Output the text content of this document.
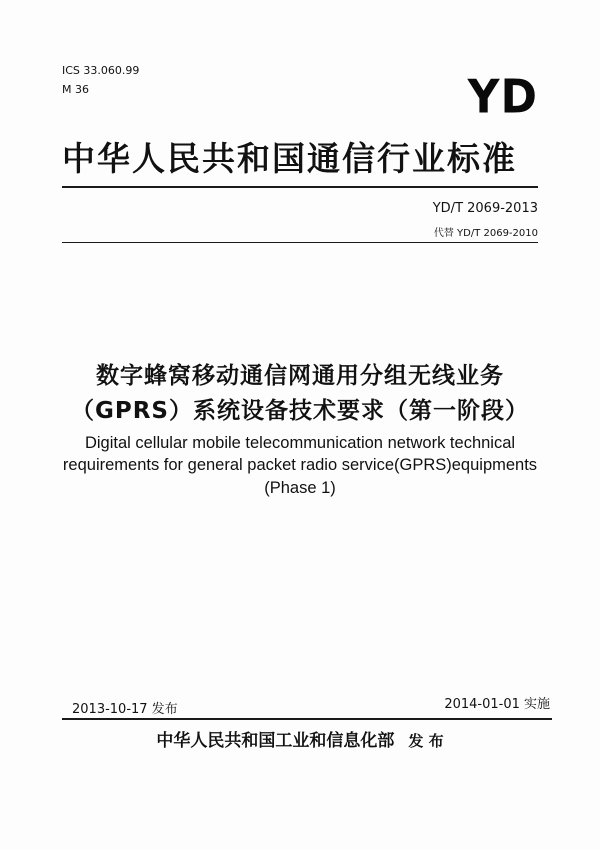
ICS 33.060.99
M 36	YD
中华人民共和国通信行业标准
YD/T 2069-2013
代替 YD/T 2069-2010
数字蜂窝移动通信网通用分组无线业务
（GPRS）系统设备技术要求（第一阶段）
Digital cellular mobile telecommunication network technical
requirements for general packet radio service(GPRS)equipments
(Phase 1)
2013-10-17 发布	2014-01-01 实施
中华人民共和国工业和信息化部 发 布
